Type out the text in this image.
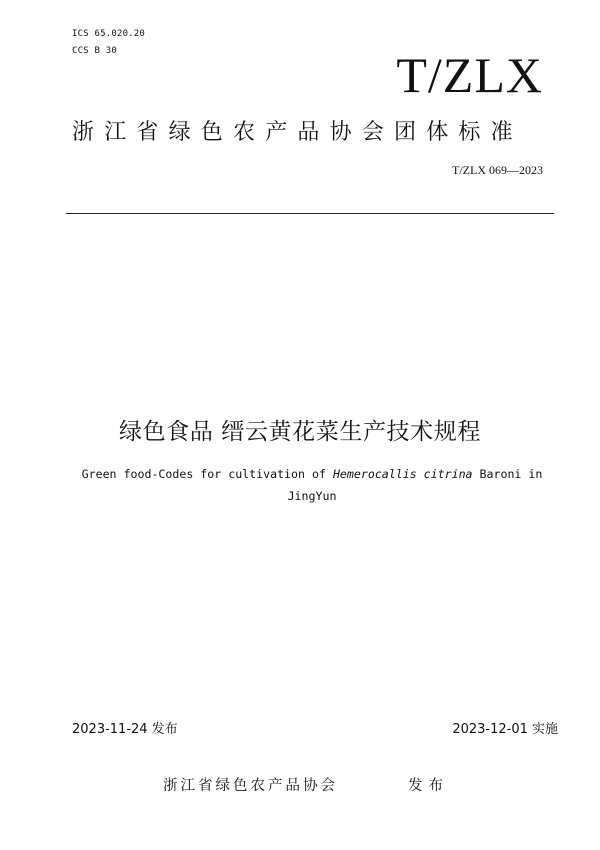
ICS 65.020.20
CCS B 30	T/ZLX
浙江省绿色农产品协会团体标准
T/ZLX 069—2023
绿色食品 缙云黄花菜生产技术规程
Green food-Codes for cultivation of Hemerocallis citrina Baroni in JingYun
2023-11-24 发布	2023-12-01 实施
浙江省绿色农产品协会	发布
